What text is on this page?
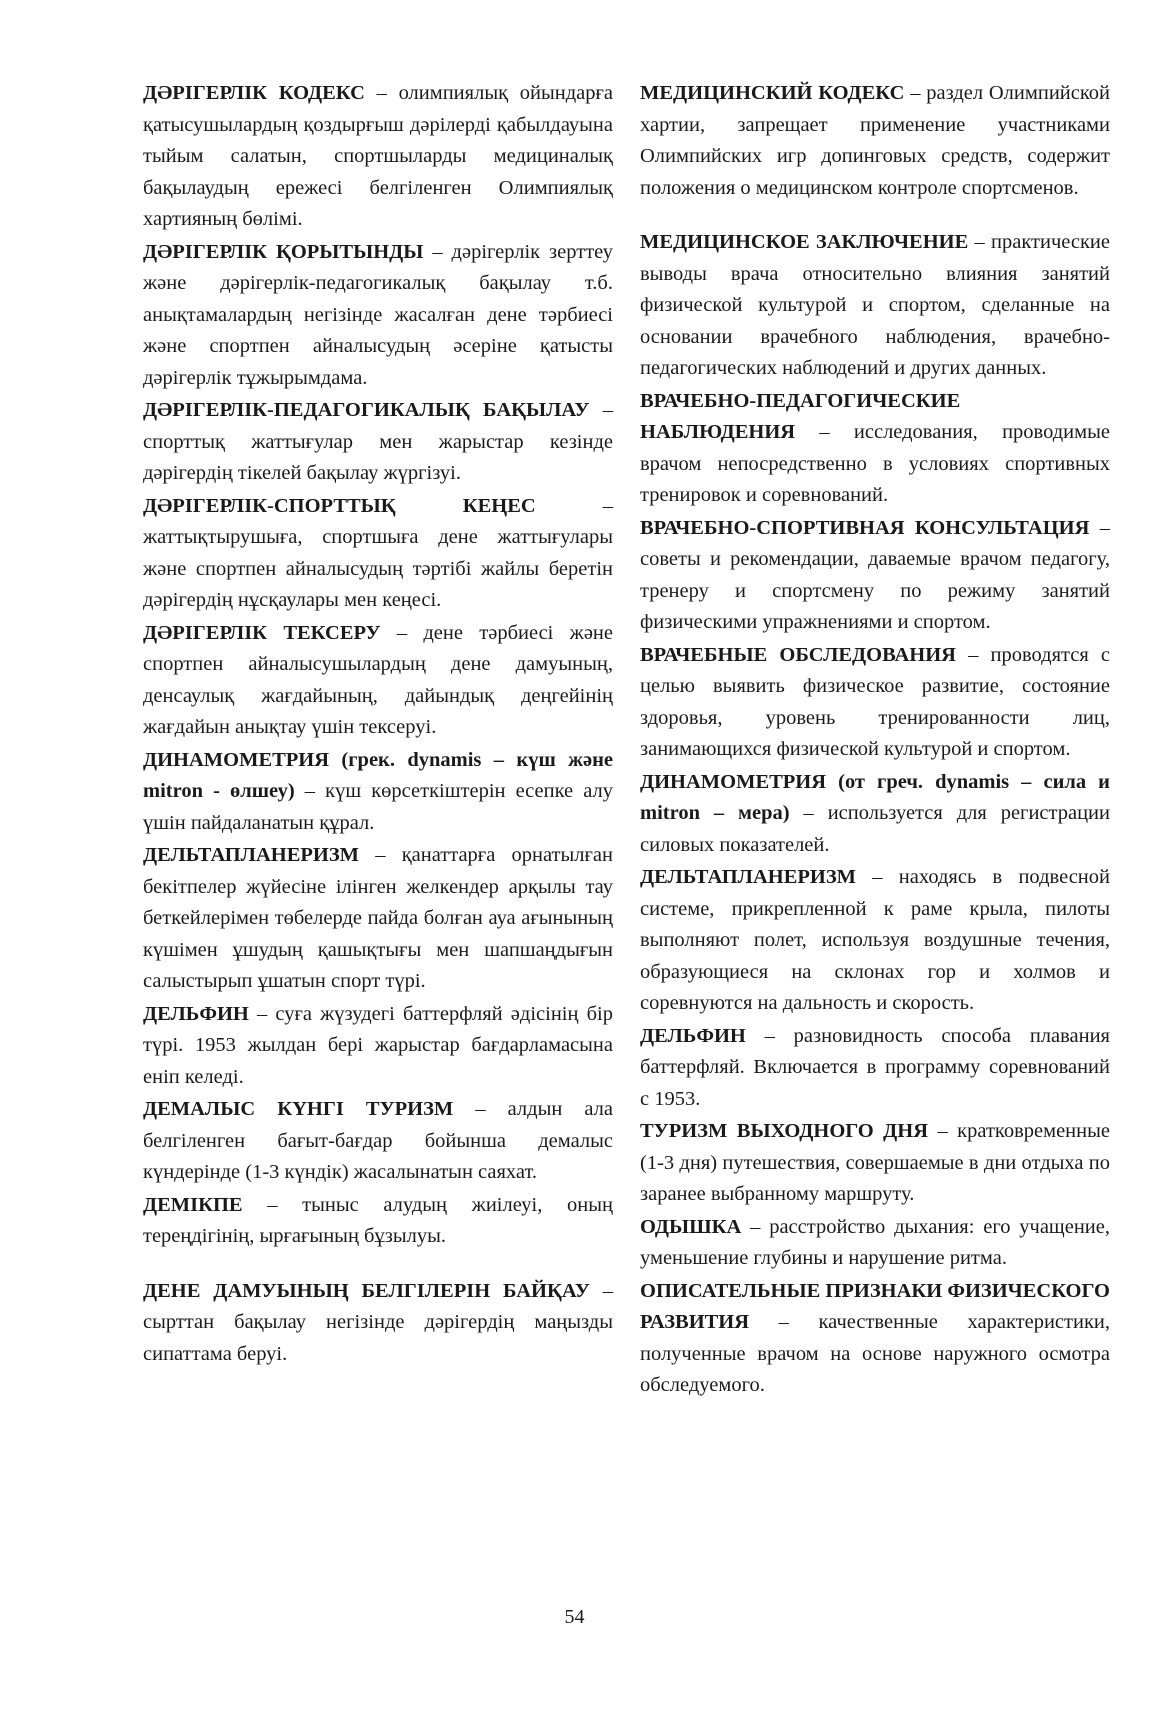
ДӘРІГЕРЛІК КОДЕКС – олимпиялық ойындарға қатысушылардың қоздырғыш дәрілерді қабылдауына тыйым салатын, спортшыларды медициналық бақылаудың ережесі белгіленген Олимпиялық хартияның бөлімі.

ДӘРІГЕРЛІК ҚОРЫТЫНДЫ – дәрігерлік зерттеу және дәрігерлік-педагогикалық бақылау т.б. анықтамалардың негізінде жасалған дене тәрбиесі және спортпен айналысудың әсеріне қатысты дәрігерлік тұжырымдама.

ДӘРІГЕРЛІК-ПЕДАГОГИКАЛЫҚ БАҚЫЛАУ – спорттық жаттығулар мен жарыстар кезінде дәрігердің тікелей бақылау жүргізуі.

ДӘРІГЕРЛІК-СПОРТТЫҚ КЕҢЕС – жаттықтырушыға, спортшыға дене жаттығулары және спортпен айналысудың тәртібі жайлы беретін дәрігердің нұсқаулары мен кеңесі.

ДӘРІГЕРЛІК ТЕКСЕРУ – дене тәрбиесі және спортпен айналысушылардың дене дамуының, денсаулық жағдайының, дайындық деңгейінің жағдайын анықтау үшін тексеруі.

ДИНАМОМЕТРИЯ (грек. dynamis – күш және mitron - өлшеу) – күш көрсеткіштерін есепке алу үшін пайдаланатын құрал.

ДЕЛЬТАПЛАНЕРИЗМ – қанаттарға орнатылған бекітпелер жүйесіне ілінген желкендер арқылы тау беткейлерімен төбелерде пайда болған ауа ағынының күшімен ұшудың қашықтығы мен шапшаңдығын салыстырып ұшатын спорт түрі.

ДЕЛЬФИН – суға жүзудегі баттерфляй әдісінің бір түрі. 1953 жылдан бері жарыстар бағдарламасына еніп келеді.

ДЕМАЛЫС КҮНГІ ТУРИЗМ – алдын ала белгіленген бағыт-бағдар бойынша демалыс күндерінде (1-3 күндік) жасалынатын саяхат.

ДЕМІКПЕ – тыныс алудың жиілеуі, оның тереңдігінің, ырғағының бұзылуы.

ДЕНЕ ДАМУЫНЫҢ БЕЛГІЛЕРІН БАЙҚАУ – сырттан бақылау негізінде дәрігердің маңызды сипаттама беруі.

МЕДИЦИНСКИЙ КОДЕКС – раздел Олимпийской хартии, запрещает применение участниками Олимпийских игр допинговых средств, содержит положения о медицинском контроле спортсменов.

МЕДИЦИНСКОЕ ЗАКЛЮЧЕНИЕ – практические выводы врача относительно влияния занятий физической культурой и спортом, сделанные на основании врачебного наблюдения, врачебно-педагогических наблюдений и других данных.

ВРАЧЕБНО-ПЕДАГОГИЧЕСКИЕ НАБЛЮДЕНИЯ – исследования, проводимые врачом непосредственно в условиях спортивных тренировок и соревнований.

ВРАЧЕБНО-СПОРТИВНАЯ КОНСУЛЬТАЦИЯ – советы и рекомендации, даваемые врачом педагогу, тренеру и спортсмену по режиму занятий физическими упражнениями и спортом.

ВРАЧЕБНЫЕ ОБСЛЕДОВАНИЯ – проводятся с целью выявить физическое развитие, состояние здоровья, уровень тренированности лиц, занимающихся физической культурой и спортом.

ДИНАМОМЕТРИЯ (от греч. dynamis – сила и mitron – мера) – используется для регистрации силовых показателей.

ДЕЛЬТАПЛАНЕРИЗМ – находясь в подвесной системе, прикрепленной к раме крыла, пилоты выполняют полет, используя воздушные течения, образующиеся на склонах гор и холмов и соревнуются на дальность и скорость.

ДЕЛЬФИН – разновидность способа плавания баттерфляй. Включается в программу соревнований с 1953.

ТУРИЗМ ВЫХОДНОГО ДНЯ – кратковременные (1-3 дня) путешествия, совершаемые в дни отдыха по заранее выбранному маршруту.

ОДЫШКА – расстройство дыхания: его учащение, уменьшение глубины и нарушение ритма.

ОПИСАТЕЛЬНЫЕ ПРИЗНАКИ ФИЗИЧЕСКОГО РАЗВИТИЯ – качественные характеристики, полученные врачом на основе наружного осмотра обследуемого.

54
